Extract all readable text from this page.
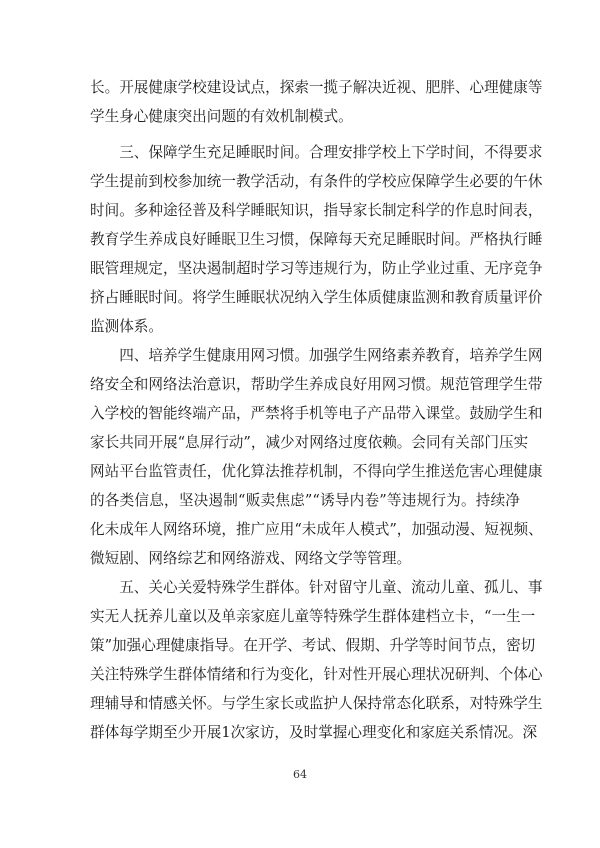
长。开展健康学校建设试点，探索一揽子解决近视、肥胖、心理健康等
学生身心健康突出问题的有效机制模式。
　　三、保障学生充足睡眠时间。合理安排学校上下学时间，不得要求
学生提前到校参加统一教学活动，有条件的学校应保障学生必要的午休
时间。多种途径普及科学睡眠知识，指导家长制定科学的作息时间表，
教育学生养成良好睡眠卫生习惯，保障每天充足睡眠时间。严格执行睡
眠管理规定，坚决遏制超时学习等违规行为，防止学业过重、无序竞争
挤占睡眠时间。将学生睡眠状况纳入学生体质健康监测和教育质量评价
监测体系。
　　四、培养学生健康用网习惯。加强学生网络素养教育，培养学生网
络安全和网络法治意识，帮助学生养成良好用网习惯。规范管理学生带
入学校的智能终端产品，严禁将手机等电子产品带入课堂。鼓励学生和
家长共同开展“息屏行动”，减少对网络过度依赖。会同有关部门压实
网站平台监管责任，优化算法推荐机制，不得向学生推送危害心理健康
的各类信息，坚决遏制“贩卖焦虑”“诱导内卷”等违规行为。持续净
化未成年人网络环境，推广应用“未成年人模式”，加强动漫、短视频、
微短剧、网络综艺和网络游戏、网络文学等管理。
　　五、关心关爱特殊学生群体。针对留守儿童、流动儿童、孤儿、事
实无人抚养儿童以及单亲家庭儿童等特殊学生群体建档立卡，“一生一
策”加强心理健康指导。在开学、考试、假期、升学等时间节点，密切
关注特殊学生群体情绪和行为变化，针对性开展心理状况研判、个体心
理辅导和情感关怀。与学生家长或监护人保持常态化联系，对特殊学生
群体每学期至少开展1次家访，及时掌握心理变化和家庭关系情况。深
64
